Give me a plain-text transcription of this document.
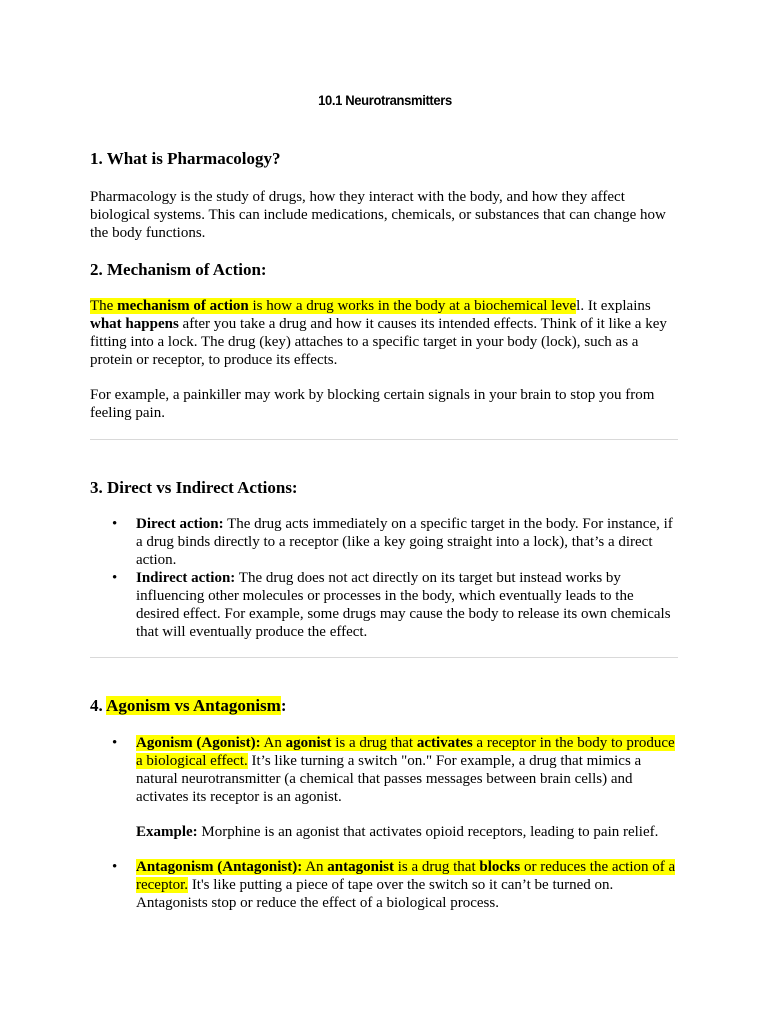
10.1 Neurotransmitters
1. What is Pharmacology?

Pharmacology is the study of drugs, how they interact with the body, and how they affect biological systems. This can include medications, chemicals, or substances that can change how the body functions.

2. Mechanism of Action:

The mechanism of action is how a drug works in the body at a biochemical level. It explains what happens after you take a drug and how it causes its intended effects. Think of it like a key fitting into a lock. The drug (key) attaches to a specific target in your body (lock), such as a protein or receptor, to produce its effects.

For example, a painkiller may work by blocking certain signals in your brain to stop you from feeling pain.

3. Direct vs Indirect Actions:
• Direct action: The drug acts immediately on a specific target in the body. For instance, if a drug binds directly to a receptor (like a key going straight into a lock), that’s a direct action.
• Indirect action: The drug does not act directly on its target but instead works by influencing other molecules or processes in the body, which eventually leads to the desired effect. For example, some drugs may cause the body to release its own chemicals that will eventually produce the effect.
4. Agonism vs Antagonism:
• Agonism (Agonist): An agonist is a drug that activates a receptor in the body to produce a biological effect. It’s like turning a switch "on." For example, a drug that mimics a natural neurotransmitter (a chemical that passes messages between brain cells) and activates its receptor is an agonist.
Example: Morphine is an agonist that activates opioid receptors, leading to pain relief.
• Antagonism (Antagonist): An antagonist is a drug that blocks or reduces the action of a receptor. It's like putting a piece of tape over the switch so it can’t be turned on. Antagonists stop or reduce the effect of a biological process.
